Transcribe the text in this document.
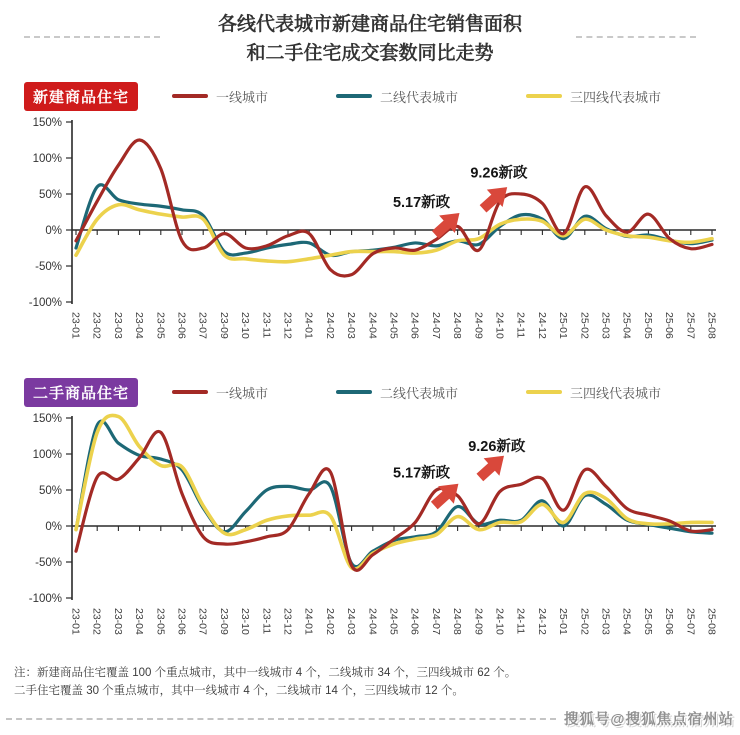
各线代表城市新建商品住宅销售面积
和二手住宅成交套数同比走势
新建商品住宅	一线城市	二线代表城市	三四线代表城市
150%
100%
50%
0%
-50%
-100%
23-01 23-02 23-03 23-04 23-05 23-06 23-07 23-09 23-10 23-11 23-12 24-01 24-02 24-03 24-04 24-05 24-06 24-07 24-08 24-09 24-10 24-11 24-12 25-01 25-02 25-03 25-04 25-05 25-06 25-07 25-08
5.17新政
9.26新政
二手商品住宅	一线城市	二线代表城市	三四线代表城市
150%
100%
50%
0%
-50%
-100%
23-01 23-02 23-03 23-04 23-05 23-06 23-07 23-09 23-10 23-11 23-12 24-01 24-02 24-03 24-04 24-05 24-06 24-07 24-08 24-09 24-10 24-11 24-12 25-01 25-02 25-03 25-04 25-05 25-06 25-07 25-08
5.17新政
9.26新政
注：新建商品住宅覆盖 100 个重点城市，其中一线城市 4 个，二线城市 34 个，三四线城市 62 个。
二手住宅覆盖 30 个重点城市，其中一线城市 4 个，二线城市 14 个，三四线城市 12 个。
搜狐号@搜狐焦点宿州站
